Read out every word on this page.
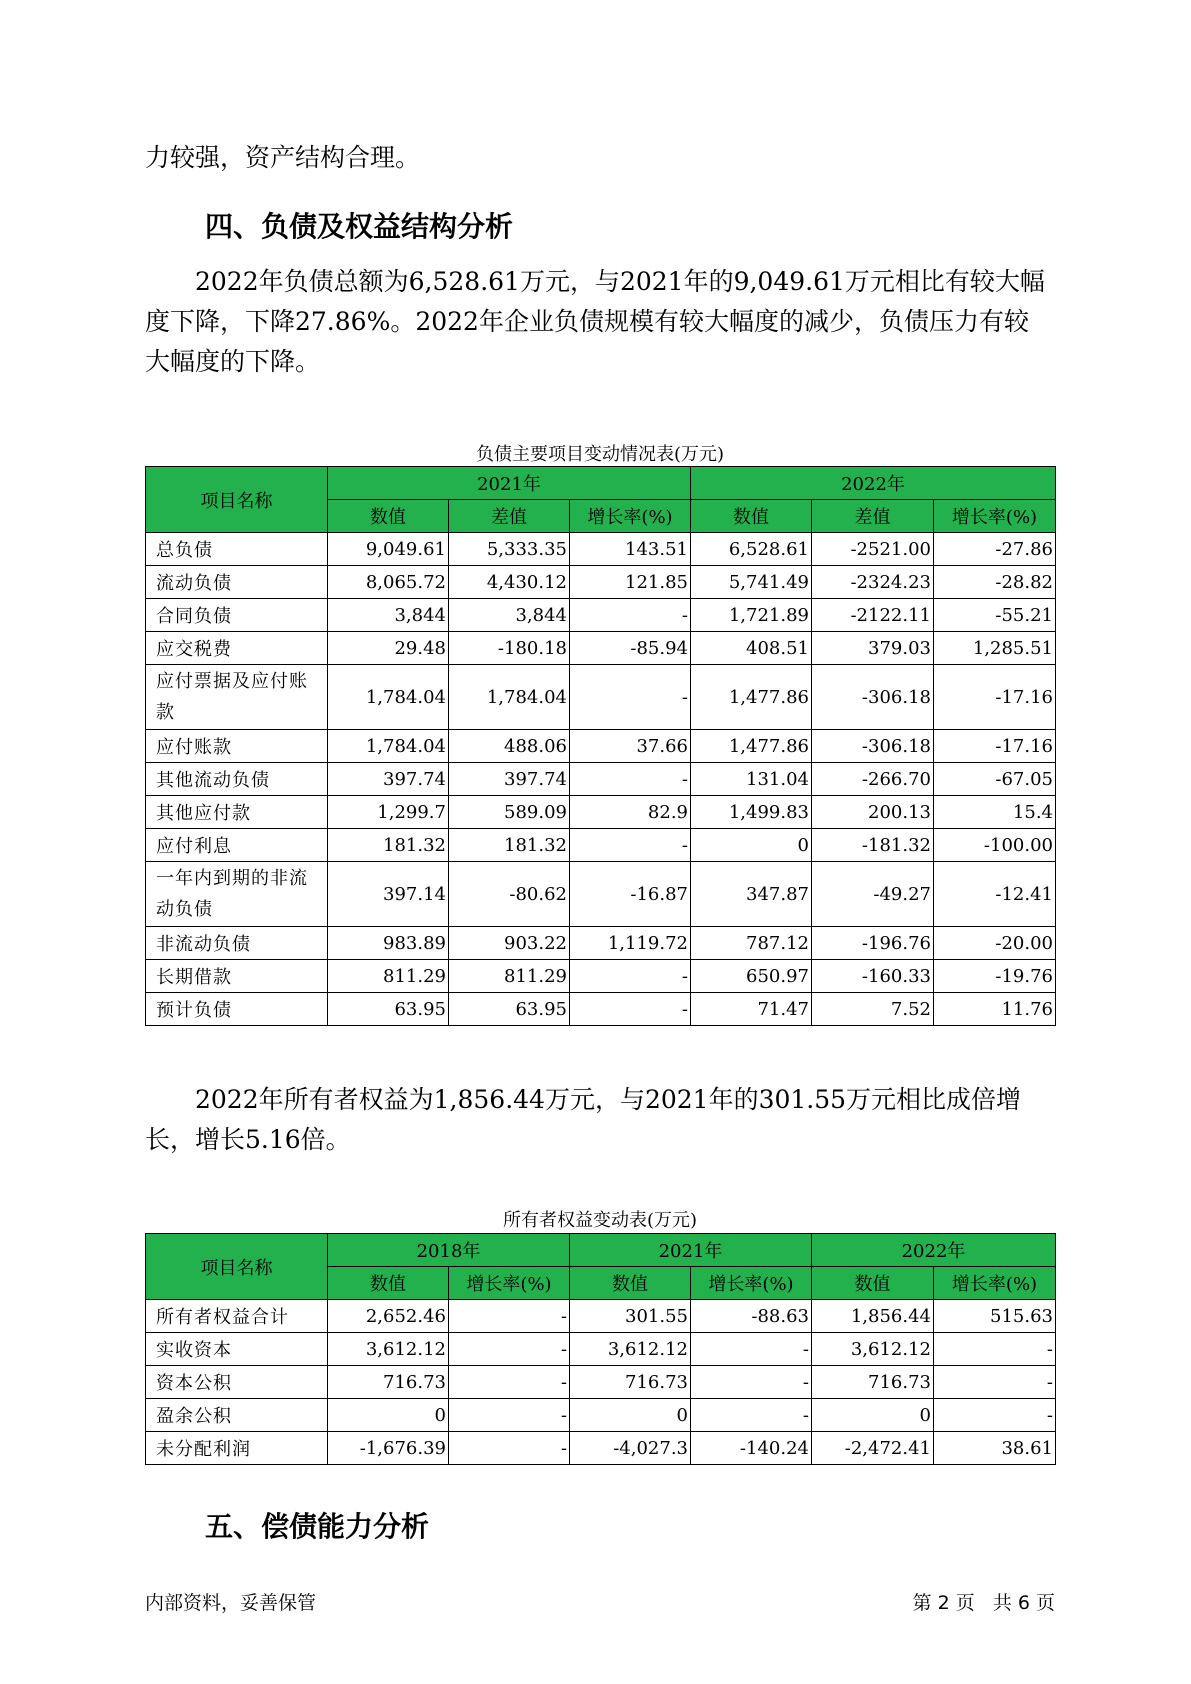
力较强，资产结构合理。

四、负债及权益结构分析

2022年负债总额为6,528.61万元，与2021年的9,049.61万元相比有较大幅度下降，下降27.86%。2022年企业负债规模有较大幅度的减少，负债压力有较大幅度的下降。

负债主要项目变动情况表(万元)
项目名称	2021年			2022年		
	数值	差值	增长率(%)	数值	差值	增长率(%)
总负债	9,049.61	5,333.35	143.51	6,528.61	-2521.00	-27.86
流动负债	8,065.72	4,430.12	121.85	5,741.49	-2324.23	-28.82
合同负债	3,844	3,844	-	1,721.89	-2122.11	-55.21
应交税费	29.48	-180.18	-85.94	408.51	379.03	1,285.51
应付票据及应付账款	1,784.04	1,784.04	-	1,477.86	-306.18	-17.16
应付账款	1,784.04	488.06	37.66	1,477.86	-306.18	-17.16
其他流动负债	397.74	397.74	-	131.04	-266.70	-67.05
其他应付款	1,299.7	589.09	82.9	1,499.83	200.13	15.4
应付利息	181.32	181.32	-	0	-181.32	-100.00
一年内到期的非流动负债	397.14	-80.62	-16.87	347.87	-49.27	-12.41
非流动负债	983.89	903.22	1,119.72	787.12	-196.76	-20.00
长期借款	811.29	811.29	-	650.97	-160.33	-19.76
预计负债	63.95	63.95	-	71.47	7.52	11.76

2022年所有者权益为1,856.44万元，与2021年的301.55万元相比成倍增长，增长5.16倍。

所有者权益变动表(万元)
项目名称	2018年		2021年		2022年	
	数值	增长率(%)	数值	增长率(%)	数值	增长率(%)
所有者权益合计	2,652.46	-	301.55	-88.63	1,856.44	515.63
实收资本	3,612.12	-	3,612.12	-	3,612.12	-
资本公积	716.73	-	716.73	-	716.73	-
盈余公积	0	-	0	-	0	-
未分配利润	-1,676.39	-	-4,027.3	-140.24	-2,472.41	38.61
五、偿债能力分析
内部资料，妥善保管	第 2 页   共 6 页
